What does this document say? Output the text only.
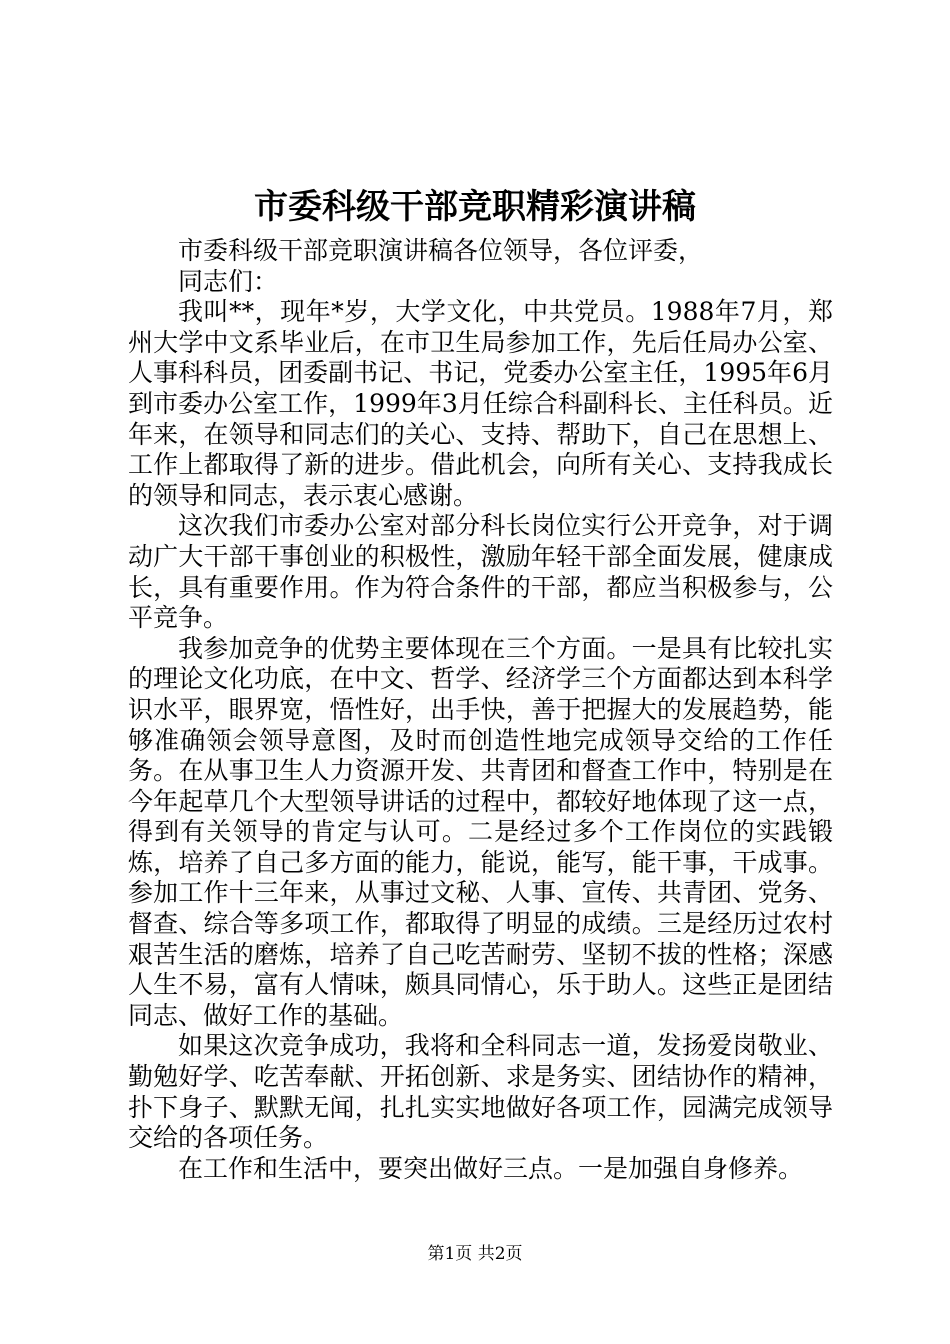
市委科级干部竞职精彩演讲稿

市委科级干部竞职演讲稿各位领导，各位评委，

同志们：

我叫**，现年*岁，大学文化，中共党员。1988年7月，郑州大学中文系毕业后，在市卫生局参加工作，先后任局办公室、人事科科员，团委副书记、书记，党委办公室主任，1995年6月到市委办公室工作，1999年3月任综合科副科长、主任科员。近年来，在领导和同志们的关心、支持、帮助下，自己在思想上、工作上都取得了新的进步。借此机会，向所有关心、支持我成长的领导和同志，表示衷心感谢。

这次我们市委办公室对部分科长岗位实行公开竞争，对于调动广大干部干事创业的积极性，激励年轻干部全面发展，健康成长，具有重要作用。作为符合条件的干部，都应当积极参与，公平竞争。

我参加竞争的优势主要体现在三个方面。一是具有比较扎实的理论文化功底，在中文、哲学、经济学三个方面都达到本科学识水平，眼界宽，悟性好，出手快，善于把握大的发展趋势，能够准确领会领导意图，及时而创造性地完成领导交给的工作任务。在从事卫生人力资源开发、共青团和督查工作中，特别是在今年起草几个大型领导讲话的过程中，都较好地体现了这一点，得到有关领导的肯定与认可。二是经过多个工作岗位的实践锻炼，培养了自己多方面的能力，能说，能写，能干事，干成事。参加工作十三年来，从事过文秘、人事、宣传、共青团、党务、督查、综合等多项工作，都取得了明显的成绩。三是经历过农村艰苦生活的磨炼，培养了自己吃苦耐劳、坚韧不拔的性格；深感人生不易，富有人情味，颇具同情心，乐于助人。这些正是团结同志、做好工作的基础。

如果这次竞争成功，我将和全科同志一道，发扬爱岗敬业、勤勉好学、吃苦奉献、开拓创新、求是务实、团结协作的精神，扑下身子、默默无闻，扎扎实实地做好各项工作，园满完成领导交给的各项任务。

在工作和生活中，要突出做好三点。一是加强自身修养。

第1页 共2页
